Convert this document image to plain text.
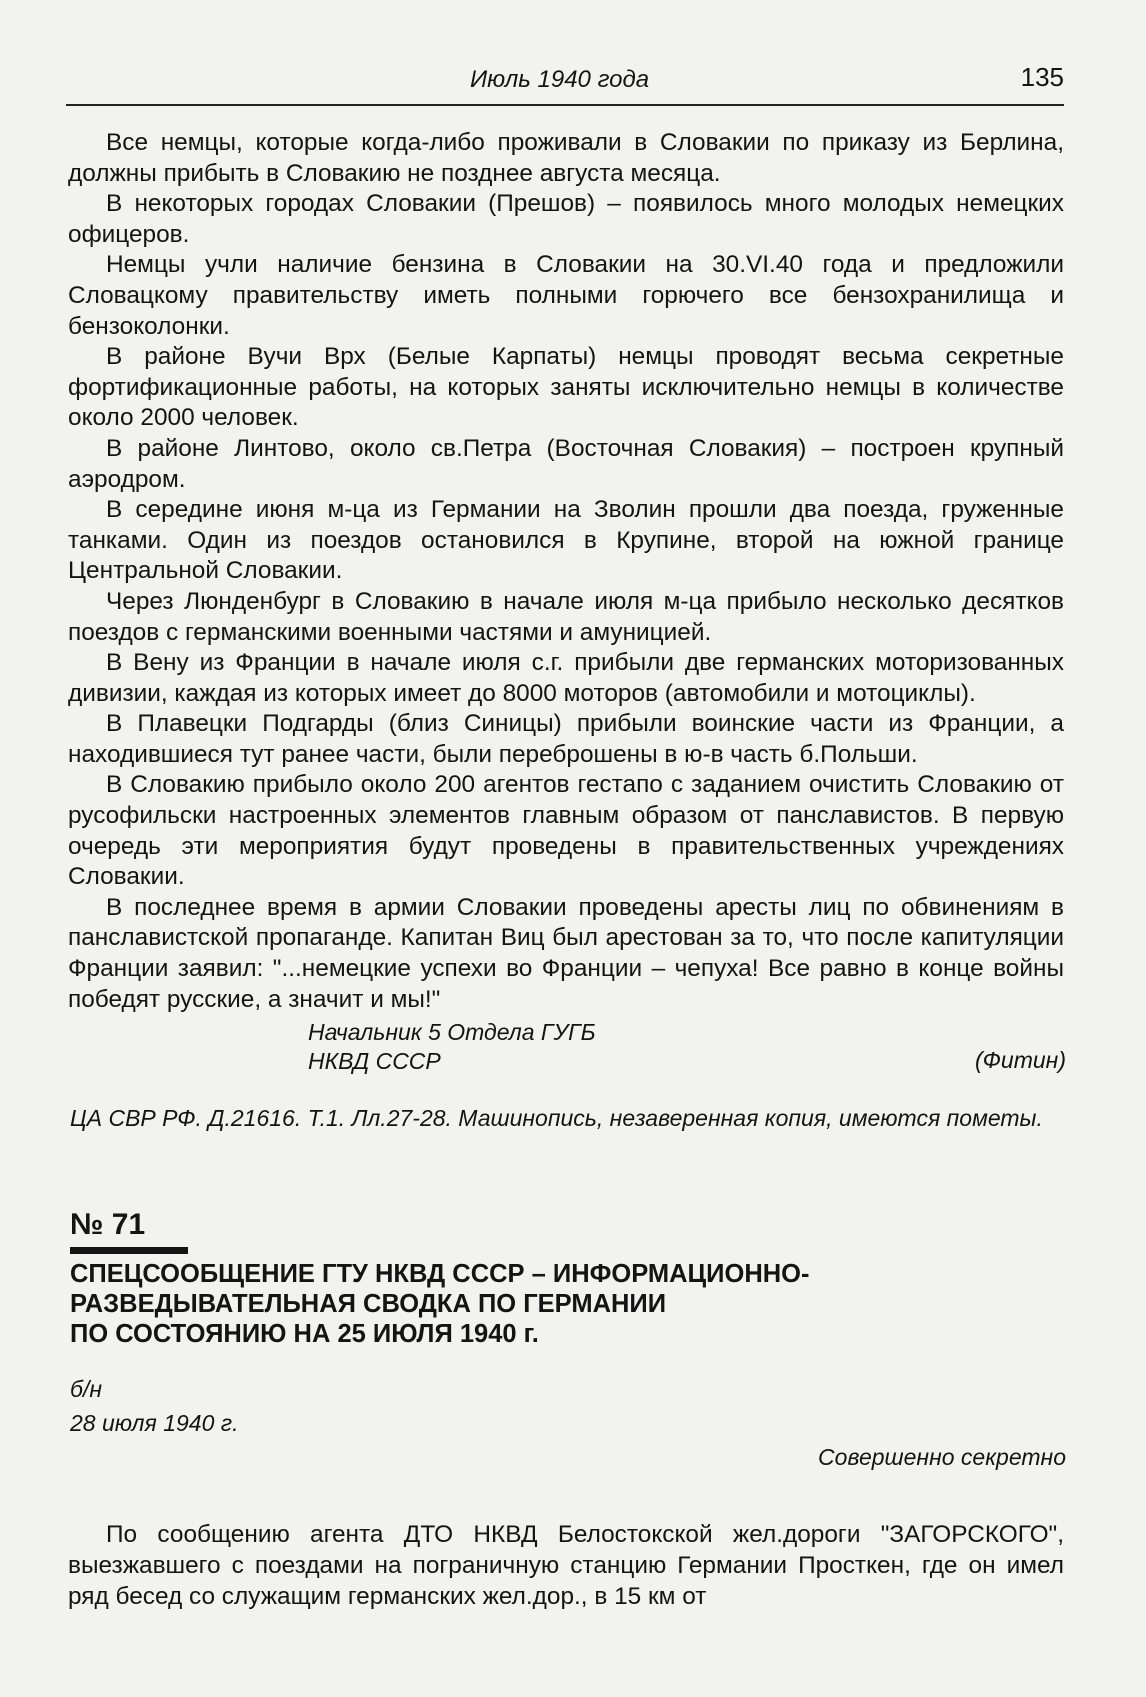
Июль 1940 года	135

Все немцы, которые когда-либо проживали в Словакии по приказу из Берлина, должны прибыть в Словакию не позднее августа месяца.

В некоторых городах Словакии (Прешов) – появилось много молодых немецких офицеров.

Немцы учли наличие бензина в Словакии на 30.VI.40 года и предложили Словацкому правительству иметь полными горючего все бензохранилища и бензоколонки.

В районе Вучи Врх (Белые Карпаты) немцы проводят весьма секретные фортификационные работы, на которых заняты исключительно немцы в количестве около 2000 человек.

В районе Линтово, около св.Петра (Восточная Словакия) – построен крупный аэродром.

В середине июня м-ца из Германии на Зволин прошли два поезда, груженные танками. Один из поездов остановился в Крупине, второй на южной границе Центральной Словакии.

Через Люнденбург в Словакию в начале июля м-ца прибыло несколько десятков поездов с германскими военными частями и амуницией.

В Вену из Франции в начале июля с.г. прибыли две германских моторизованных дивизии, каждая из которых имеет до 8000 моторов (автомобили и мотоциклы).

В Плавецки Подгарды (близ Синицы) прибыли воинские части из Франции, а находившиеся тут ранее части, были переброшены в ю-в часть б.Польши.

В Словакию прибыло около 200 агентов гестапо с заданием очистить Словакию от русофильски настроенных элементов главным образом от панславистов. В первую очередь эти мероприятия будут проведены в правительственных учреждениях Словакии.

В последнее время в армии Словакии проведены аресты лиц по обвинениям в панславистской пропаганде. Капитан Виц был арестован за то, что после капитуляции Франции заявил: "...немецкие успехи во Франции – чепуха! Все равно в конце войны победят русские, а значит и мы!"

Начальник 5 Отдела ГУГБ
НКВД СССР	(Фитин)
ЦА СВР РФ. Д.21616. Т.1. Лл.27-28. Машинопись, незаверенная копия, имеются пометы.
№ 71
СПЕЦСООБЩЕНИЕ ГТУ НКВД СССР – ИНФОРМАЦИОННО-
РАЗВЕДЫВАТЕЛЬНАЯ СВОДКА ПО ГЕРМАНИИ
ПО СОСТОЯНИЮ НА 25 ИЮЛЯ 1940 г.
б/н
28 июля 1940 г.
Совершенно секретно

По сообщению агента ДТО НКВД Белостокской жел.дороги "ЗАГОРСКОГО", выезжавшего с поездами на пограничную станцию Германии Просткен, где он имел ряд бесед со служащим германских жел.дор., в 15 км от
